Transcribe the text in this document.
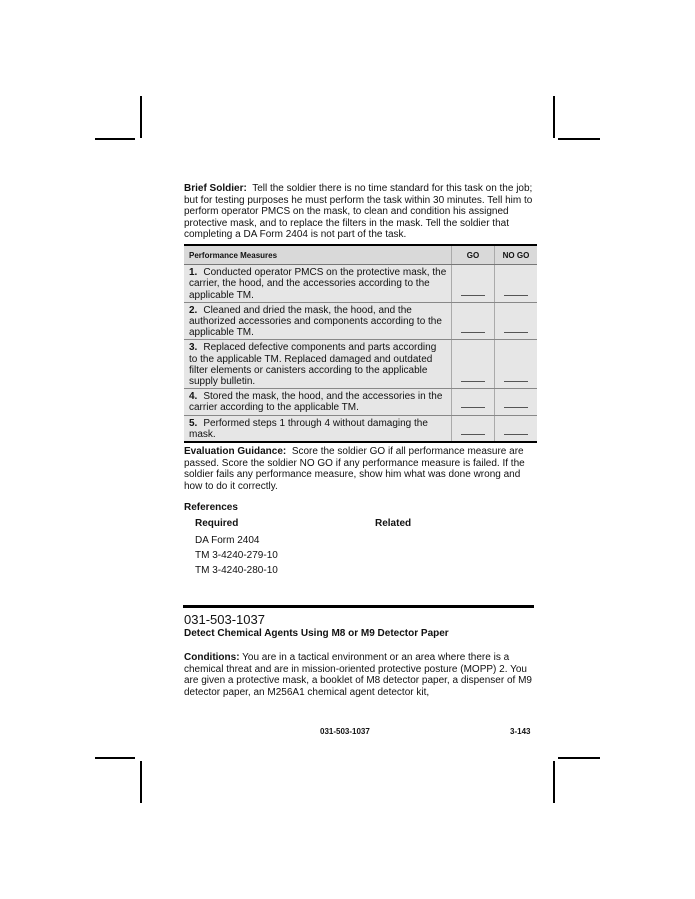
Brief Soldier: Tell the soldier there is no time standard for this task on the job; but for testing purposes he must perform the task within 30 minutes. Tell him to perform operator PMCS on the mask, to clean and condition his assigned protective mask, and to replace the filters in the mask. Tell the soldier that completing a DA Form 2404 is not part of the task.

Performance Measures	GO	NO GO
1. Conducted operator PMCS on the protective mask, the carrier, the hood, and the accessories according to the applicable TM.		
2. Cleaned and dried the mask, the hood, and the authorized accessories and components according to the applicable TM.		
3. Replaced defective components and parts according to the applicable TM. Replaced damaged and outdated filter elements or canisters according to the applicable supply bulletin.		
4. Stored the mask, the hood, and the accessories in the carrier according to the applicable TM.		
5. Performed steps 1 through 4 without damaging the mask.		

Evaluation Guidance: Score the soldier GO if all performance measure are passed. Score the soldier NO GO if any performance measure is failed. If the soldier fails any performance measure, show him what was done wrong and how to do it correctly.

References
Required
DA Form 2404
TM 3-4240-279-10
TM 3-4240-280-10
Related
031-503-1037
Detect Chemical Agents Using M8 or M9 Detector Paper

Conditions: You are in a tactical environment or an area where there is a chemical threat and are in mission-oriented protective posture (MOPP) 2. You are given a protective mask, a booklet of M8 detector paper, a dispenser of M9 detector paper, an M256A1 chemical agent detector kit,

031-503-1037	3-143
